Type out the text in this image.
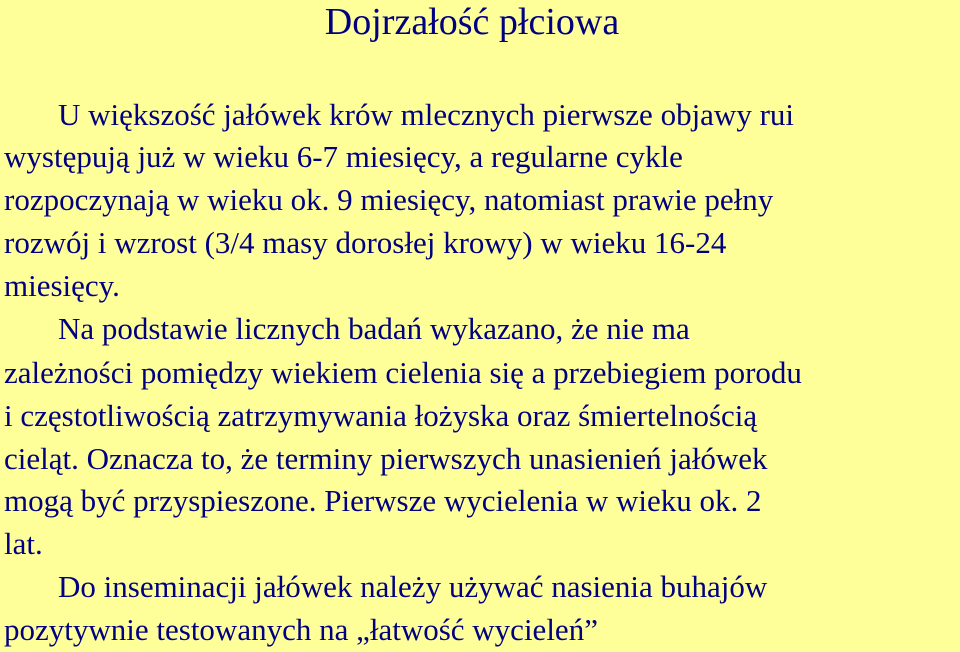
Dojrzałość płciowa

U większość jałówek krów mlecznych pierwsze objawy rui

występują już w wieku 6-7 miesięcy, a regularne cykle

rozpoczynają w wieku ok. 9 miesięcy, natomiast prawie pełny

rozwój i wzrost (3/4 masy dorosłej krowy) w wieku 16-24

miesięcy.

Na podstawie licznych badań wykazano, że nie ma

zależności pomiędzy wiekiem cielenia się a przebiegiem porodu

i częstotliwością zatrzymywania łożyska oraz śmiertelnością

cieląt. Oznacza to, że terminy pierwszych unasienień jałówek

mogą być przyspieszone. Pierwsze wycielenia w wieku ok. 2

lat.

Do inseminacji jałówek należy używać nasienia buhajów

pozytywnie testowanych na „łatwość wycieleń”
